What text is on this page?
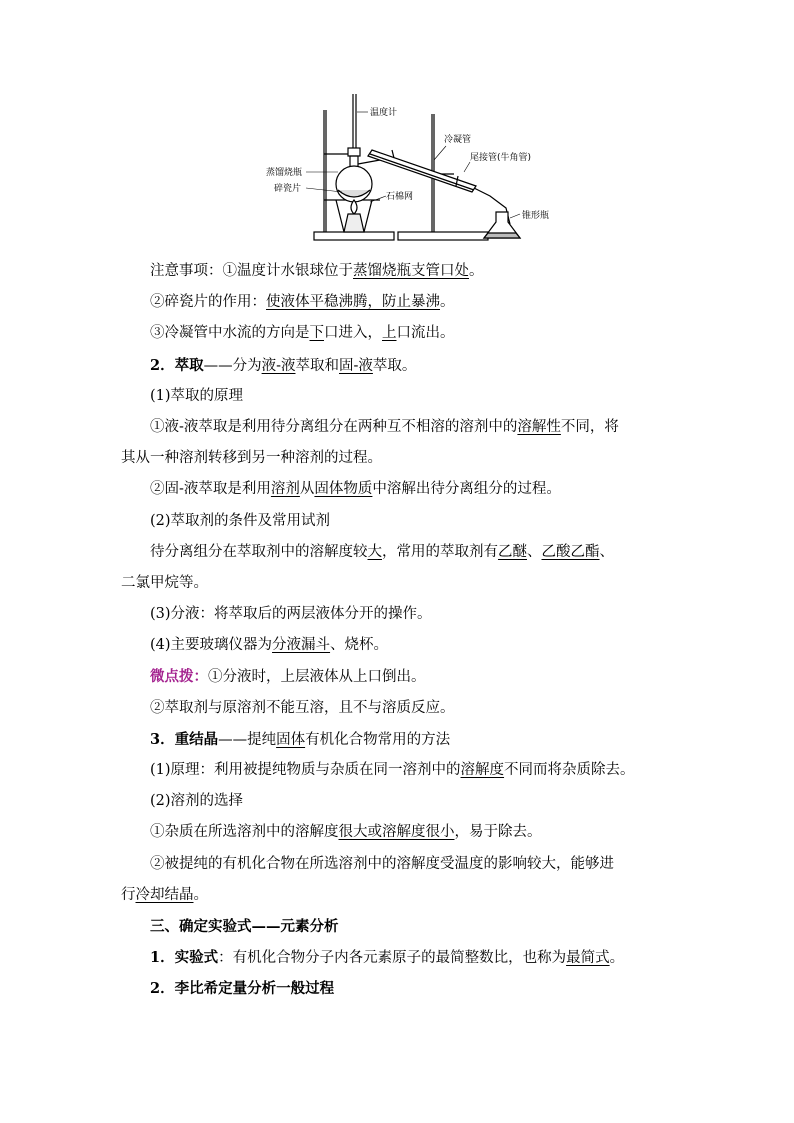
温度计
冷凝管
尾接管(牛角管)
蒸馏烧瓶
碎瓷片
石棉网
锥形瓶
注意事项：①温度计水银球位于蒸馏烧瓶支管口处。
②碎瓷片的作用：使液体平稳沸腾，防止暴沸。
③冷凝管中水流的方向是下口进入，上口流出。
2．萃取——分为液-液萃取和固-液萃取。
(1)萃取的原理
①液-液萃取是利用待分离组分在两种互不相溶的溶剂中的溶解性不同，将
其从一种溶剂转移到另一种溶剂的过程。
②固-液萃取是利用溶剂从固体物质中溶解出待分离组分的过程。
(2)萃取剂的条件及常用试剂
待分离组分在萃取剂中的溶解度较大，常用的萃取剂有乙醚、乙酸乙酯、
二氯甲烷等。
(3)分液：将萃取后的两层液体分开的操作。
(4)主要玻璃仪器为分液漏斗、烧杯。
微点拨：①分液时，上层液体从上口倒出。
②萃取剂与原溶剂不能互溶，且不与溶质反应。
3．重结晶——提纯固体有机化合物常用的方法
(1)原理：利用被提纯物质与杂质在同一溶剂中的溶解度不同而将杂质除去。
(2)溶剂的选择
①杂质在所选溶剂中的溶解度很大或溶解度很小，易于除去。
②被提纯的有机化合物在所选溶剂中的溶解度受温度的影响较大，能够进
行冷却结晶。
三、确定实验式——元素分析
1．实验式：有机化合物分子内各元素原子的最简整数比，也称为最简式。
2．李比希定量分析一般过程
